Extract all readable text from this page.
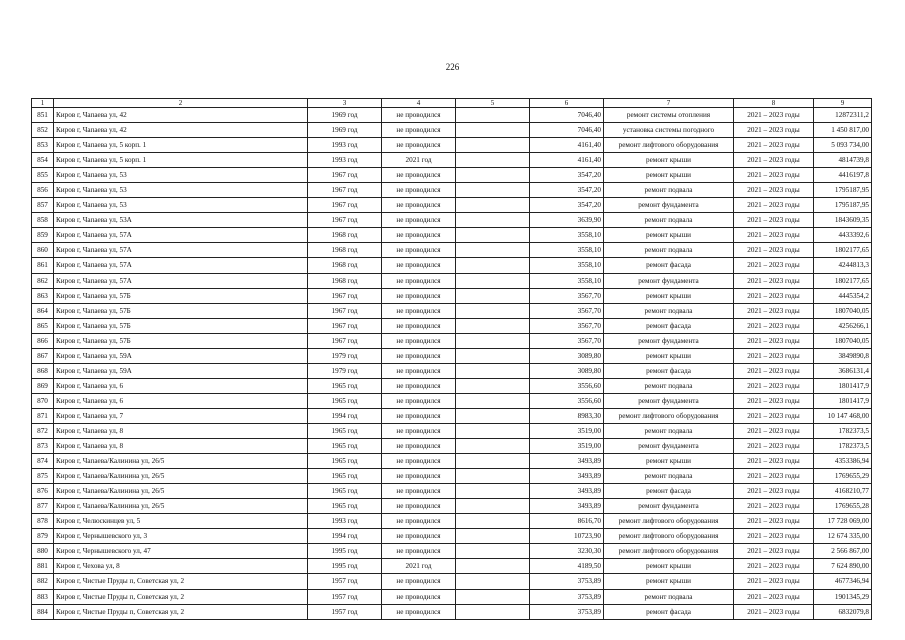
226
1	2	3	4	5	6	7	8	9
851	Киров г, Чапаева ул, 42	1969 год	не проводился		7046,40	ремонт системы отопления	2021 – 2023 годы	12872311,2
852	Киров г, Чапаева ул, 42	1969 год	не проводился		7046,40	установка системы погодного	2021 – 2023 годы	1 450 817,00
853	Киров г, Чапаева ул, 5 корп. 1	1993 год	не проводился		4161,40	ремонт лифтового оборудования	2021 – 2023 годы	5 093 734,00
854	Киров г, Чапаева ул, 5 корп. 1	1993 год	2021 год		4161,40	ремонт крыши	2021 – 2023 годы	4814739,8
855	Киров г, Чапаева ул, 53	1967 год	не проводился		3547,20	ремонт крыши	2021 – 2023 годы	4416197,8
856	Киров г, Чапаева ул, 53	1967 год	не проводился		3547,20	ремонт подвала	2021 – 2023 годы	1795187,95
857	Киров г, Чапаева ул, 53	1967 год	не проводился		3547,20	ремонт фундамента	2021 – 2023 годы	1795187,95
858	Киров г, Чапаева ул, 53А	1967 год	не проводился		3639,90	ремонт подвала	2021 – 2023 годы	1843609,35
859	Киров г, Чапаева ул, 57А	1968 год	не проводился		3558,10	ремонт крыши	2021 – 2023 годы	4433392,6
860	Киров г, Чапаева ул, 57А	1968 год	не проводился		3558,10	ремонт подвала	2021 – 2023 годы	1802177,65
861	Киров г, Чапаева ул, 57А	1968 год	не проводился		3558,10	ремонт фасада	2021 – 2023 годы	4244813,3
862	Киров г, Чапаева ул, 57А	1968 год	не проводился		3558,10	ремонт фундамента	2021 – 2023 годы	1802177,65
863	Киров г, Чапаева ул, 57Б	1967 год	не проводился		3567,70	ремонт крыши	2021 – 2023 годы	4445354,2
864	Киров г, Чапаева ул, 57Б	1967 год	не проводился		3567,70	ремонт подвала	2021 – 2023 годы	1807040,05
865	Киров г, Чапаева ул, 57Б	1967 год	не проводился		3567,70	ремонт фасада	2021 – 2023 годы	4256266,1
866	Киров г, Чапаева ул, 57Б	1967 год	не проводился		3567,70	ремонт фундамента	2021 – 2023 годы	1807040,05
867	Киров г, Чапаева ул, 59А	1979 год	не проводился		3089,80	ремонт крыши	2021 – 2023 годы	3849890,8
868	Киров г, Чапаева ул, 59А	1979 год	не проводился		3089,80	ремонт фасада	2021 – 2023 годы	3686131,4
869	Киров г, Чапаева ул, 6	1965 год	не проводился		3556,60	ремонт подвала	2021 – 2023 годы	1801417,9
870	Киров г, Чапаева ул, 6	1965 год	не проводился		3556,60	ремонт фундамента	2021 – 2023 годы	1801417,9
871	Киров г, Чапаева ул, 7	1994 год	не проводился		8983,30	ремонт лифтового оборудования	2021 – 2023 годы	10 147 468,00
872	Киров г, Чапаева ул, 8	1965 год	не проводился		3519,00	ремонт подвала	2021 – 2023 годы	1782373,5
873	Киров г, Чапаева ул, 8	1965 год	не проводился		3519,00	ремонт фундамента	2021 – 2023 годы	1782373,5
874	Киров г, Чапаева/Калинина ул, 26/5	1965 год	не проводился		3493,89	ремонт крыши	2021 – 2023 годы	4353386,94
875	Киров г, Чапаева/Калинина ул, 26/5	1965 год	не проводился		3493,89	ремонт подвала	2021 – 2023 годы	1769655,29
876	Киров г, Чапаева/Калинина ул, 26/5	1965 год	не проводился		3493,89	ремонт фасада	2021 – 2023 годы	4168210,77
877	Киров г, Чапаева/Калинина ул, 26/5	1965 год	не проводился		3493,89	ремонт фундамента	2021 – 2023 годы	1769655,28
878	Киров г, Челюскинцев ул, 5	1993 год	не проводился		8616,70	ремонт лифтового оборудования	2021 – 2023 годы	17 728 069,00
879	Киров г, Чернышевского ул, 3	1994 год	не проводился		10723,90	ремонт лифтового оборудования	2021 – 2023 годы	12 674 335,00
880	Киров г, Чернышевского ул, 47	1995 год	не проводился		3230,30	ремонт лифтового оборудования	2021 – 2023 годы	2 566 867,00
881	Киров г, Чехова ул, 8	1995 год	2021 год		4189,50	ремонт крыши	2021 – 2023 годы	7 624 890,00
882	Киров г, Чистые Пруды п, Советская ул, 2	1957 год	не проводился		3753,89	ремонт крыши	2021 – 2023 годы	4677346,94
883	Киров г, Чистые Пруды п, Советская ул, 2	1957 год	не проводился		3753,89	ремонт подвала	2021 – 2023 годы	1901345,29
884	Киров г, Чистые Пруды п, Советская ул, 2	1957 год	не проводился		3753,89	ремонт фасада	2021 – 2023 годы	6832079,8
